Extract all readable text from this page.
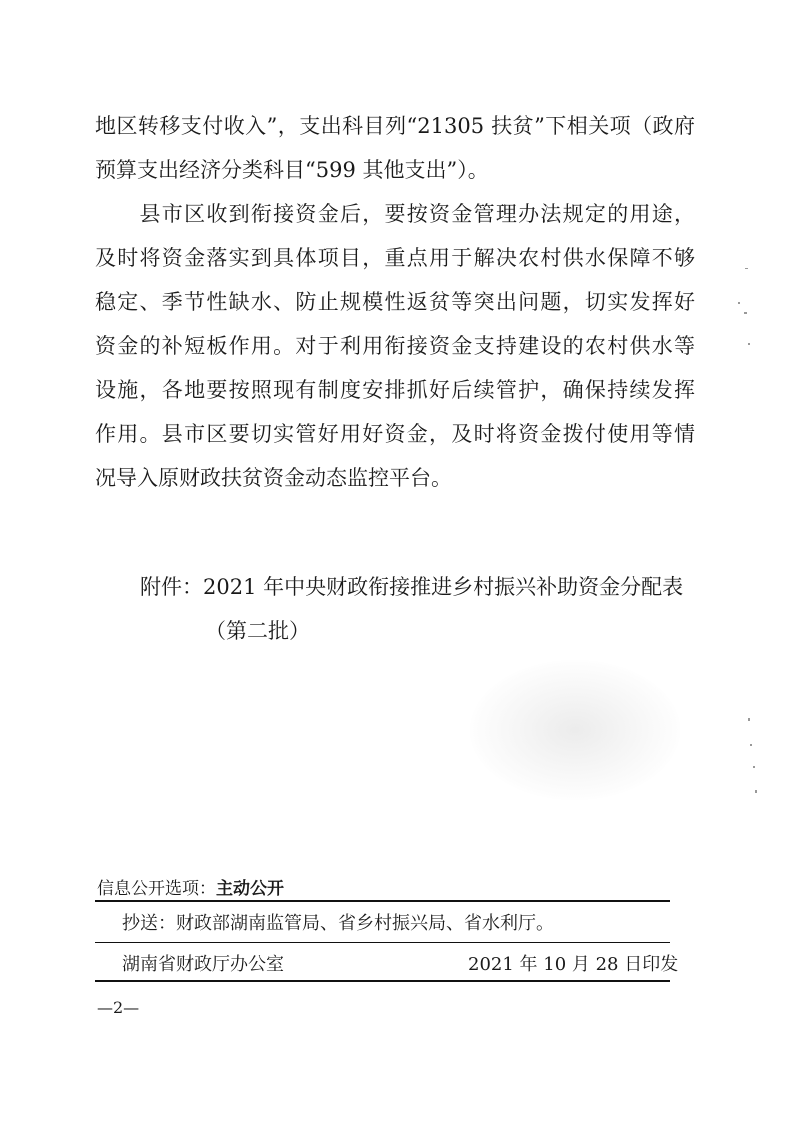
地区转移支付收入”，支出科目列“21305 扶贫”下相关项（政府
预算支出经济分类科目“599 其他支出”）。
　　县市区收到衔接资金后，要按资金管理办法规定的用途，
及时将资金落实到具体项目，重点用于解决农村供水保障不够
稳定、季节性缺水、防止规模性返贫等突出问题，切实发挥好
资金的补短板作用。对于利用衔接资金支持建设的农村供水等
设施，各地要按照现有制度安排抓好后续管护，确保持续发挥
作用。县市区要切实管好用好资金，及时将资金拨付使用等情
况导入原财政扶贫资金动态监控平台。
附件：2021 年中央财政衔接推进乡村振兴补助资金分配表
（第二批）
信息公开选项：主动公开
抄送：财政部湖南监管局、省乡村振兴局、省水利厅。
湖南省财政厅办公室	2021 年 10 月 28 日印发
—2—
